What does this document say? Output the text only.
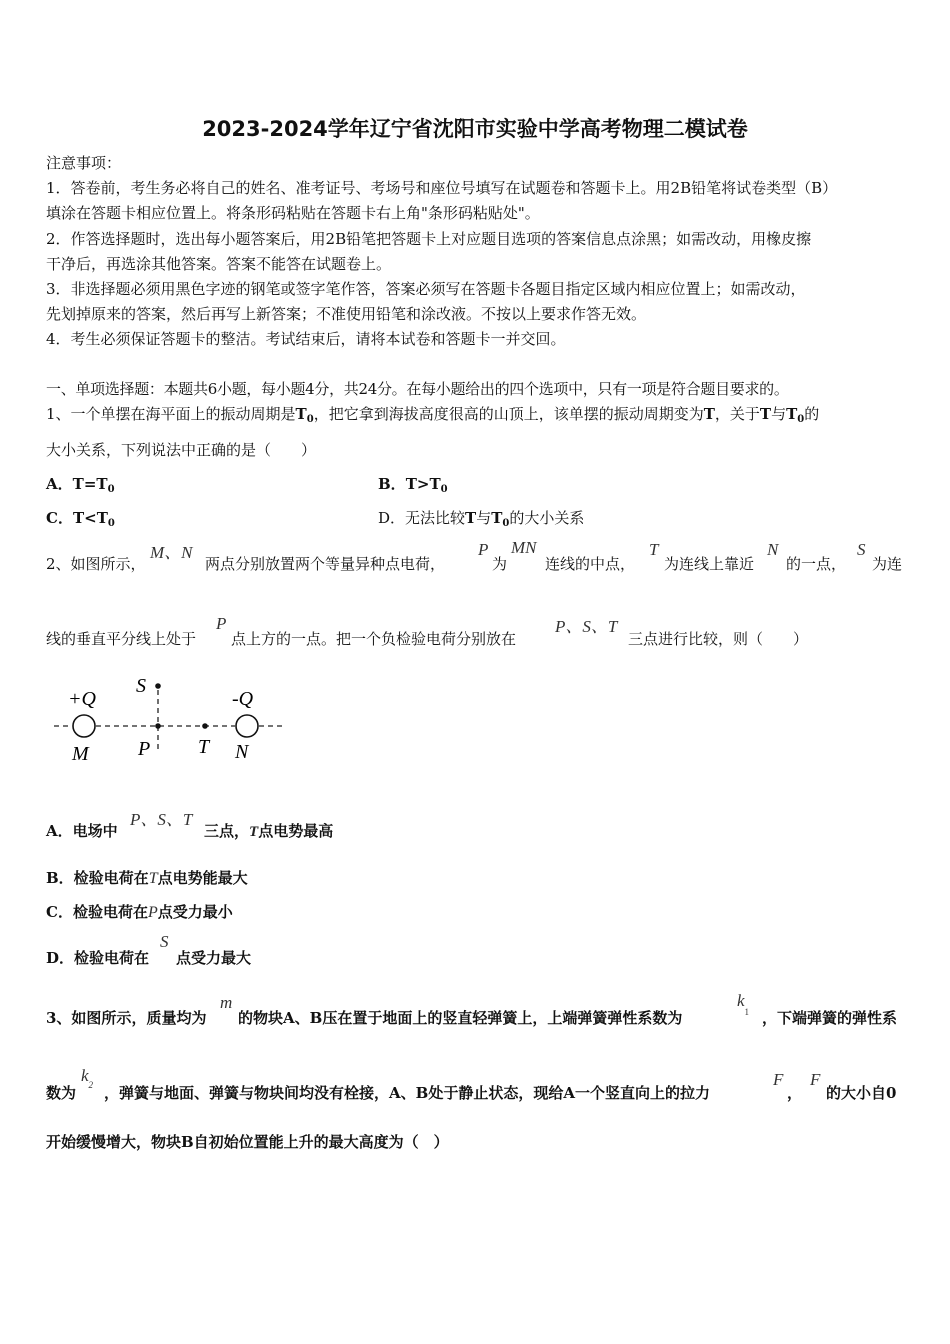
2023-2024学年辽宁省沈阳市实验中学高考物理二模试卷
注意事项：
1．答卷前，考生务必将自己的姓名、准考证号、考场号和座位号填写在试题卷和答题卡上。用2B铅笔将试卷类型（B）
填涂在答题卡相应位置上。将条形码粘贴在答题卡右上角"条形码粘贴处"。
2．作答选择题时，选出每小题答案后，用2B铅笔把答题卡上对应题目选项的答案信息点涂黑；如需改动，用橡皮擦
干净后，再选涂其他答案。答案不能答在试题卷上。
3．非选择题必须用黑色字迹的钢笔或签字笔作答，答案必须写在答题卡各题目指定区域内相应位置上；如需改动，
先划掉原来的答案，然后再写上新答案；不准使用铅笔和涂改液。不按以上要求作答无效。
4．考生必须保证答题卡的整洁。考试结束后，请将本试卷和答题卡一并交回。
一、单项选择题：本题共6小题，每小题4分，共24分。在每小题给出的四个选项中，只有一项是符合题目要求的。
1、一个单摆在海平面上的振动周期是$T_0$，把它拿到海拔高度很高的山顶上，该单摆的振动周期变为T，关于T与$T_0$的
大小关系，下列说法中正确的是（　　）
A．$T=T_0$	B．$T>T_0$
C．$T<T_0$	D．无法比较T与$T_0$的大小关系
2、如图所示，
M、N
两点分别放置两个等量异种点电荷，
P
为
MN
连线的中点，
T
为连线上靠近
N
的一点，
S
为连
线的垂直平分线上处于
P
点上方的一点。把一个负检验电荷分别放在
P、S、T
三点进行比较，则（　　）
+Q	-Q
M P T N
S
A．电场中
P、S、T
三点，T点电势最高
B．检验电荷在T点电势能最大
C．检验电荷在P点受力最小
D．检验电荷在
S
点受力最大
3、如图所示，质量均为
m
的物块A、B压在置于地面上的竖直轻弹簧上，上端弹簧弹性系数为
$k_1$ ，下端弹簧的弹性系
数为
$k_2$ ，弹簧与地面、弹簧与物块间均没有栓接，A、B处于静止状态，现给A一个竖直向上的拉力
F
，
F
的大小自0
开始缓慢增大，物块B自初始位置能上升的最大高度为（　）
